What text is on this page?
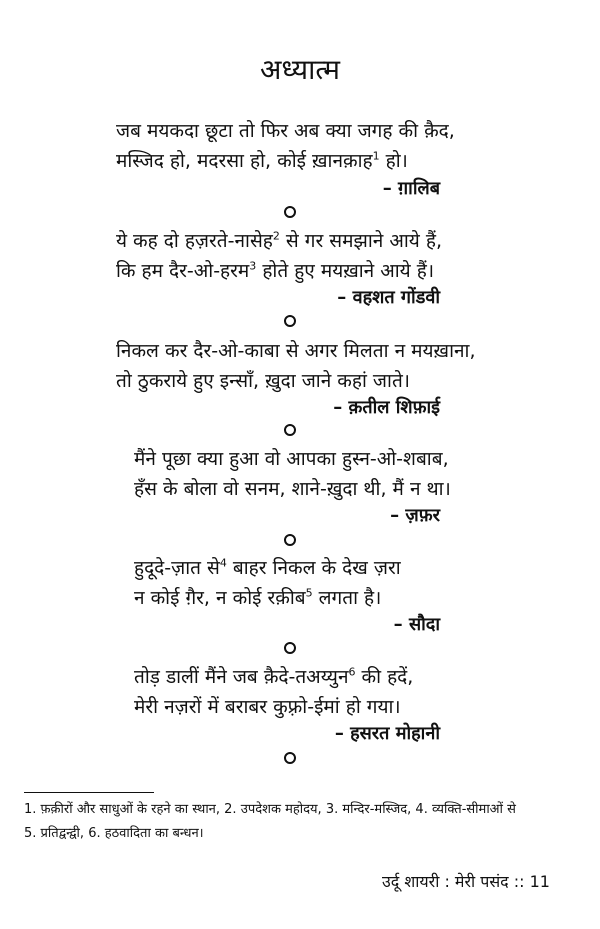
अध्यात्म
जब मयकदा छूटा तो फिर अब क्या जगह की क़ैद,
मस्जिद हो, मदरसा हो, कोई ख़ानक़ाह$^1$ हो।
– ग़ालिब
ये कह दो हज़रते-नासेह$^2$ से गर समझाने आये हैं,
कि हम दैर-ओ-हरम$^3$ होते हुए मयख़ाने आये हैं।
– वहशत गोंडवी
निकल कर दैर-ओ-काबा से अगर मिलता न मयख़ाना,
तो ठुकराये हुए इन्साँ, ख़ुदा जाने कहां जाते।
– क़तील शिफ़ाई
मैंने पूछा क्या हुआ वो आपका हुस्न-ओ-शबाब,
हँस के बोला वो सनम, शाने-ख़ुदा थी, मैं न था।
– ज़फ़र
हुदूदे-ज़ात से$^4$ बाहर निकल के देख ज़रा
न कोई ग़ैर, न कोई रक़ीब$^5$ लगता है।
– सौदा
तोड़ डालीं मैंने जब क़ैदे-तअय्युन$^6$ की हदें,
मेरी नज़रों में बराबर कुफ़्रो-ईमां हो गया।
– हसरत मोहानी
1. फ़क़ीरों और साधुओं के रहने का स्थान, 2. उपदेशक महोदय, 3. मन्दिर-मस्जिद, 4. व्यक्ति-सीमाओं से
5. प्रतिद्वन्द्वी, 6. हठवादिता का बन्धन।
उर्दू शायरी : मेरी पसंद :: 11
